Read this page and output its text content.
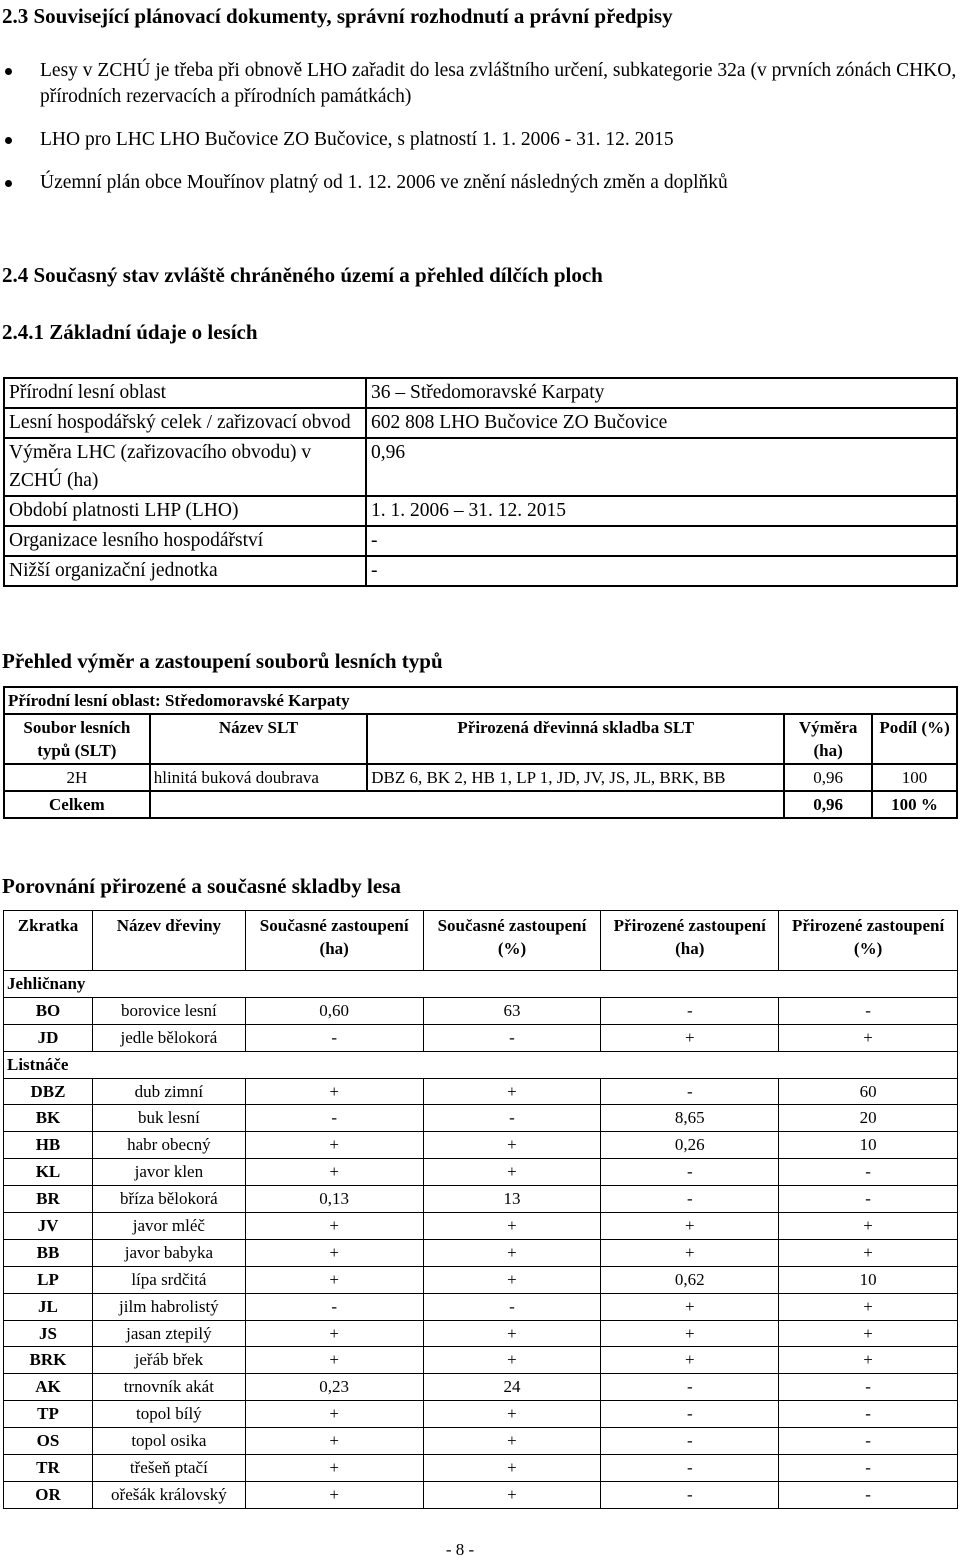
2.3 Související plánovací dokumenty, správní rozhodnutí a právní předpisy
Lesy v ZCHÚ je třeba při obnově LHO zařadit do lesa zvláštního určení, subkategorie 32a (v prvních zónách CHKO, přírodních rezervacích a přírodních památkách)
LHO pro LHC LHO Bučovice ZO Bučovice, s platností 1. 1. 2006 - 31. 12. 2015
Územní plán obce Mouřínov platný od 1. 12. 2006 ve znění následných změn a doplňků
2.4 Současný stav zvláště chráněného území a přehled dílčích ploch
2.4.1 Základní údaje o lesích
Přírodní lesní oblast	36 – Středomoravské Karpaty
Lesní hospodářský celek / zařizovací obvod	602 808 LHO Bučovice ZO Bučovice
Výměra LHC (zařizovacího obvodu) v ZCHÚ (ha)	0,96
Období platnosti LHP (LHO)	1. 1. 2006 – 31. 12. 2015
Organizace lesního hospodářství	-
Nižší organizační jednotka	-
Přehled výměr a zastoupení souborů lesních typů
Přírodní lesní oblast: Středomoravské Karpaty				
Soubor lesních typů (SLT)	Název SLT	Přirozená dřevinná skladba SLT	Výměra (ha)	Podíl (%)
2H	hlinitá buková doubrava	DBZ 6, BK 2, HB 1, LP 1, JD, JV, JS, JL, BRK, BB	0,96	100
Celkem			0,96	100 %
Porovnání přirozené a současné skladby lesa
Zkratka	Název dřeviny	Současné zastoupení (ha)	Současné zastoupení (%)	Přirozené zastoupení (ha)	Přirozené zastoupení (%)
Jehličnany					
BO	borovice lesní	0,60	63	-	-
JD	jedle bělokorá	-	-	+	+
Listnáče					
DBZ	dub zimní	+	+	-	60
BK	buk lesní	-	-	8,65	20
HB	habr obecný	+	+	0,26	10
KL	javor klen	+	+	-	-
BR	bříza bělokorá	0,13	13	-	-
JV	javor mléč	+	+	+	+
BB	javor babyka	+	+	+	+
LP	lípa srdčitá	+	+	0,62	10
JL	jilm habrolistý	-	-	+	+
JS	jasan ztepilý	+	+	+	+
BRK	jeřáb břek	+	+	+	+
AK	trnovník akát	0,23	24	-	-
TP	topol bílý	+	+	-	-
OS	topol osika	+	+	-	-
TR	třešeň ptačí	+	+	-	-
OR	ořešák královský	+	+	-	-
- 8 -
